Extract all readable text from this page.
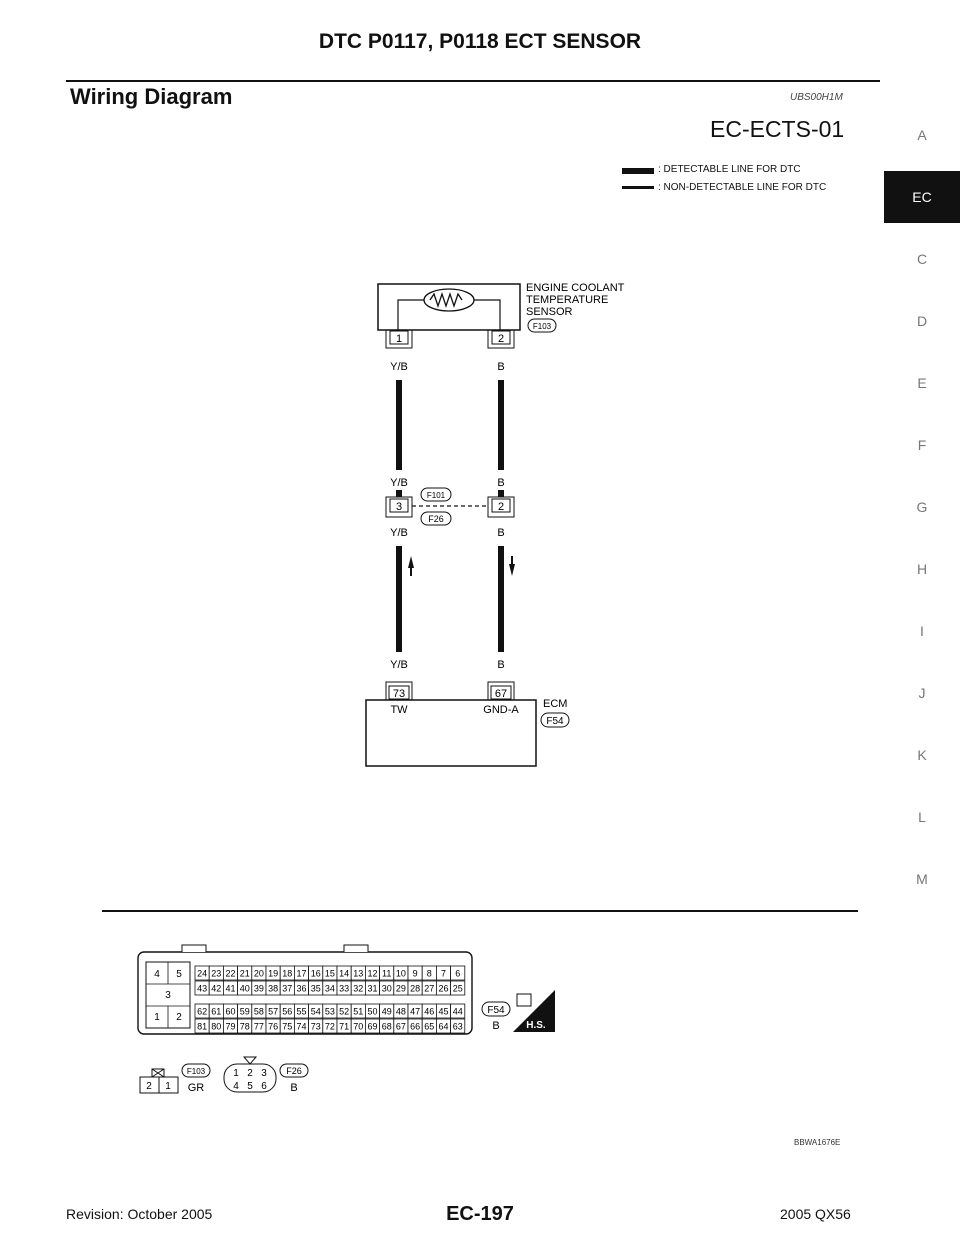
DTC P0117, P0118 ECT SENSOR
Wiring Diagram	UBS00H1M
EC-ECTS-01
: DETECTABLE LINE FOR DTC
: NON-DETECTABLE LINE FOR DTC
A
EC
C
D
E
F
G
H
I
J
K
L
M
ENGINE COOLANT
TEMPERATURE
SENSOR
F103
1	2
Y/B	B
Y/B	B
3	2
F101
F26
Y/B	B
Y/B	B
73	67
TW	GND-A ECM
F54
4 5
3
1 2
24 23 22 21 20 19 18 17 16 15 14 13 12 11 10 9 8 7 6
43 42 41 40 39 38 37 36 35 34 33 32 31 30 29 28 27 26 25
62 61 60 59 58 57 56 55 54 53 52 51 50 49 48 47 46 45 44
81 80 79 78 77 76 75 74 73 72 71 70 69 68 67 66 65 64 63
F54
B	H.S.
2 1
F103
GR
1 2 3
4 5 6
F26
B
BBWA1676E
Revision: October 2005	EC-197	2005 QX56
